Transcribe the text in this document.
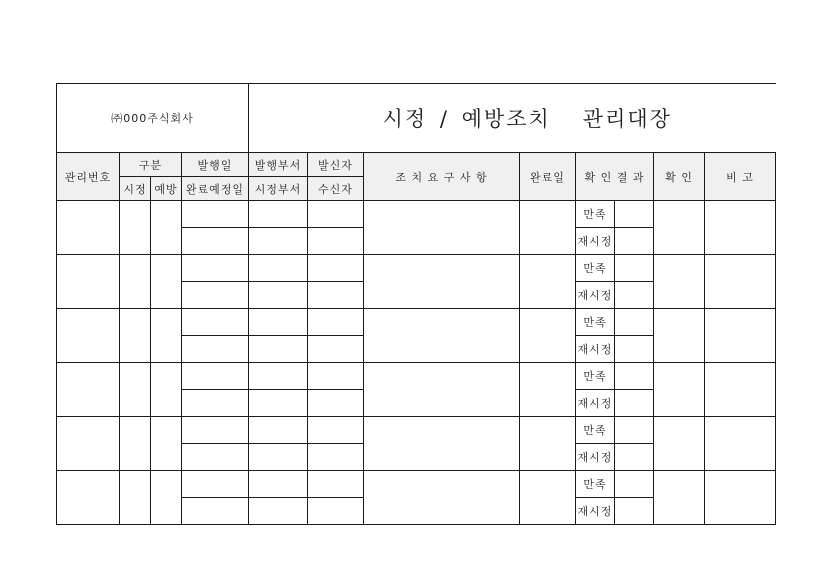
㈜000주식회사				시정 / 예방조치 관리대장							
관리번호	구분		발행일	발행부서	발신자	조 치 요 구 사 항	완료일	확 인 결 과		확 인	비 고
	시정	예방	완료예정일	시정부서	수신자						
								만족			
								재시정			
								만족			
								재시정			
								만족			
								재시정			
								만족			
								재시정			
								만족			
								재시정			
								만족			
								재시정			
